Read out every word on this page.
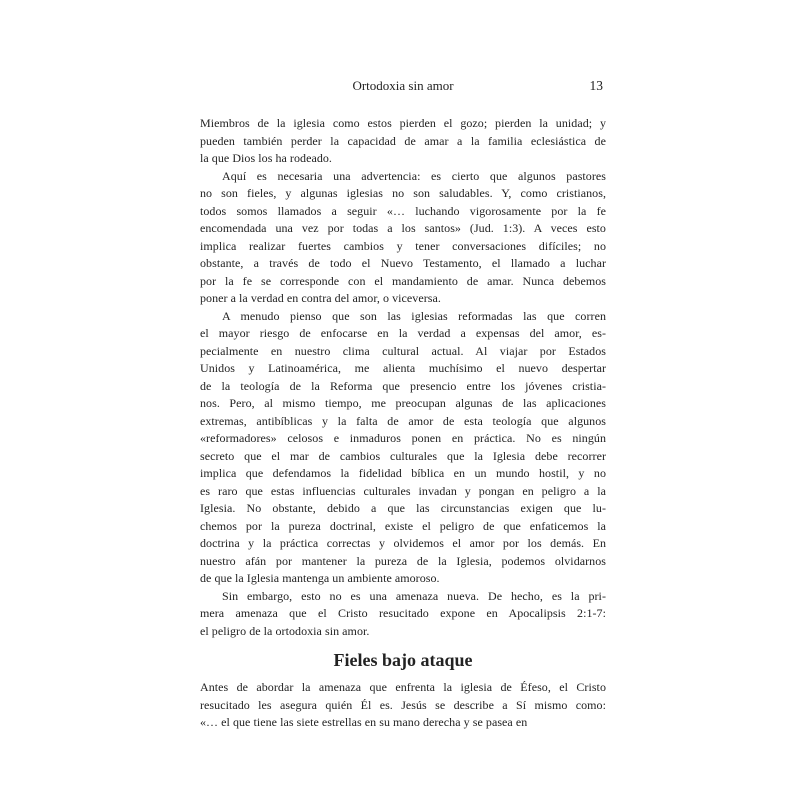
Ortodoxia sin amor	13
Miembros de la iglesia como estos pierden el gozo; pierden la unidad; y
pueden también perder la capacidad de amar a la familia eclesiástica de
la que Dios los ha rodeado.
Aquí es necesaria una advertencia: es cierto que algunos pastores
no son fieles, y algunas iglesias no son saludables. Y, como cristianos,
todos somos llamados a seguir «… luchando vigorosamente por la fe
encomendada una vez por todas a los santos» (Jud. 1:3). A veces esto
implica realizar fuertes cambios y tener conversaciones difíciles; no
obstante, a través de todo el Nuevo Testamento, el llamado a luchar
por la fe se corresponde con el mandamiento de amar. Nunca debemos
poner a la verdad en contra del amor, o viceversa.
A menudo pienso que son las iglesias reformadas las que corren
el mayor riesgo de enfocarse en la verdad a expensas del amor, es-
pecialmente en nuestro clima cultural actual. Al viajar por Estados
Unidos y Latinoamérica, me alienta muchísimo el nuevo despertar
de la teología de la Reforma que presencio entre los jóvenes cristia-
nos. Pero, al mismo tiempo, me preocupan algunas de las aplicaciones
extremas, antibíblicas y la falta de amor de esta teología que algunos
«reformadores» celosos e inmaduros ponen en práctica. No es ningún
secreto que el mar de cambios culturales que la Iglesia debe recorrer
implica que defendamos la fidelidad bíblica en un mundo hostil, y no
es raro que estas influencias culturales invadan y pongan en peligro a la
Iglesia. No obstante, debido a que las circunstancias exigen que lu-
chemos por la pureza doctrinal, existe el peligro de que enfaticemos la
doctrina y la práctica correctas y olvidemos el amor por los demás. En
nuestro afán por mantener la pureza de la Iglesia, podemos olvidarnos
de que la Iglesia mantenga un ambiente amoroso.
Sin embargo, esto no es una amenaza nueva. De hecho, es la pri-
mera amenaza que el Cristo resucitado expone en Apocalipsis 2:1-7:
el peligro de la ortodoxia sin amor.
Fieles bajo ataque
Antes de abordar la amenaza que enfrenta la iglesia de Éfeso, el Cristo
resucitado les asegura quién Él es. Jesús se describe a Sí mismo como:
«… el que tiene las siete estrellas en su mano derecha y se pasea en
